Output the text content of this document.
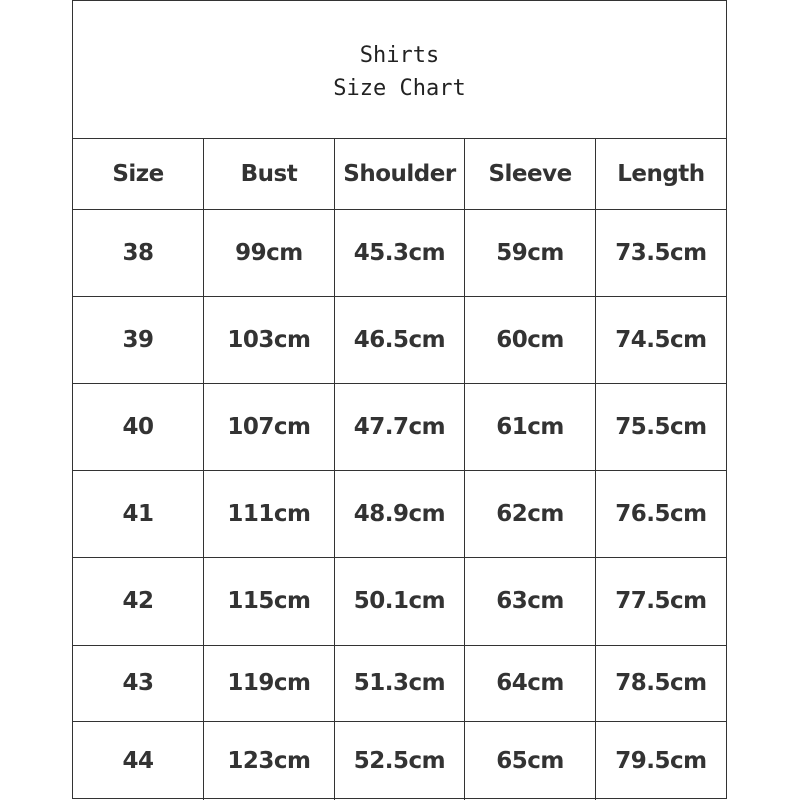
Shirts
Size Chart
Size	Bust	Shoulder	Sleeve	Length
38	99cm	45.3cm	59cm	73.5cm
39	103cm	46.5cm	60cm	74.5cm
40	107cm	47.7cm	61cm	75.5cm
41	111cm	48.9cm	62cm	76.5cm
42	115cm	50.1cm	63cm	77.5cm
43	119cm	51.3cm	64cm	78.5cm
44	123cm	52.5cm	65cm	79.5cm
